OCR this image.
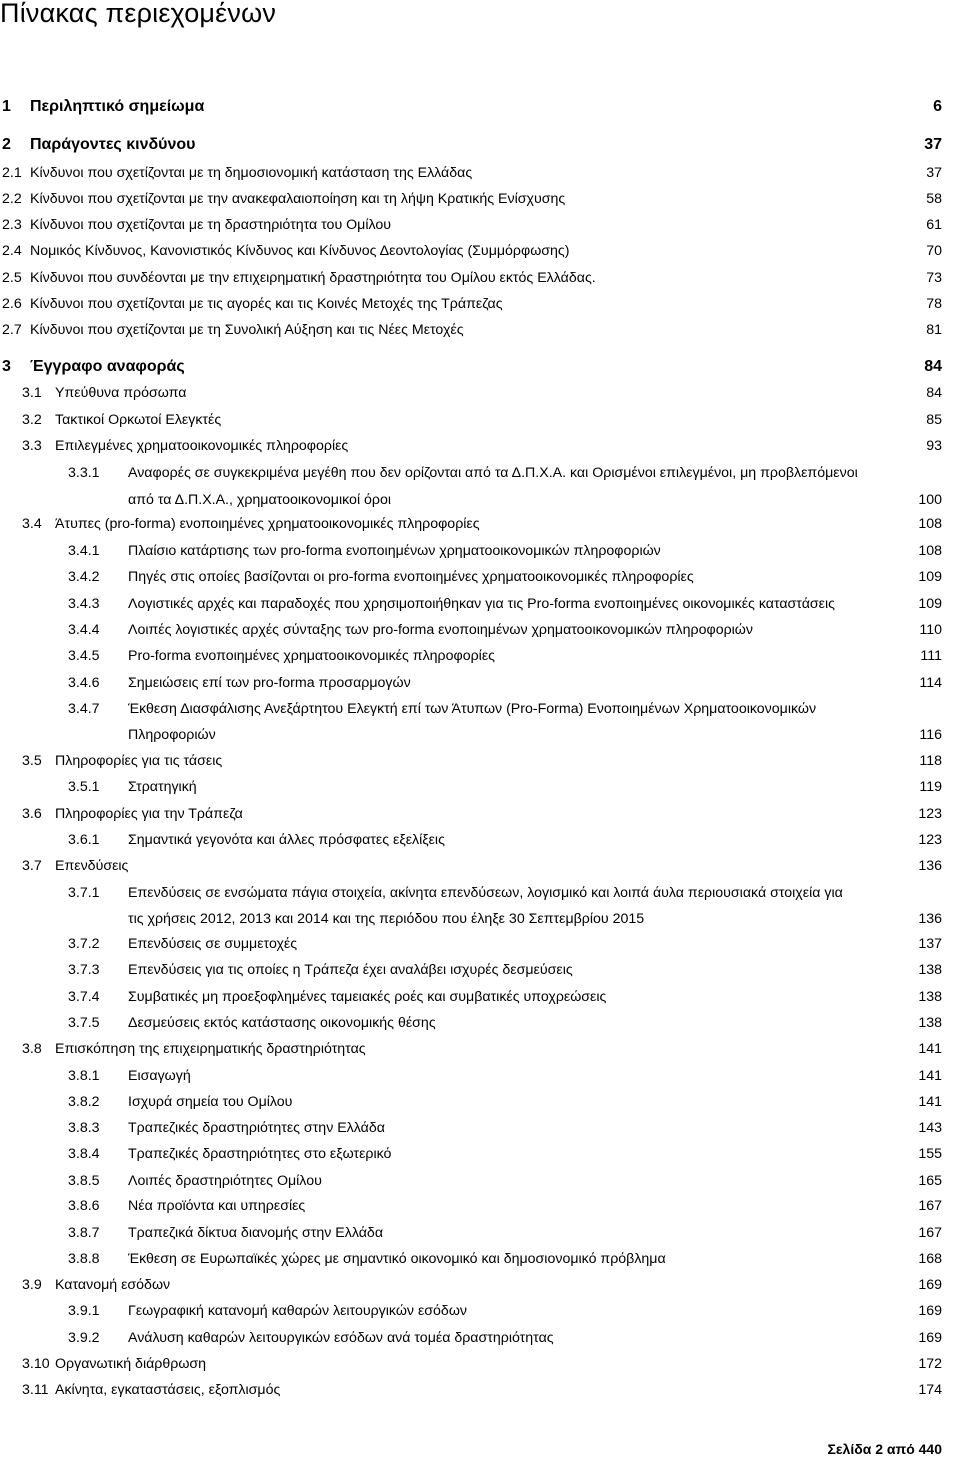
Πίνακας περιεχομένων
1 Περιληπτικό σημείωμα	6
2 Παράγοντες κινδύνου	37
2.1 Κίνδυνοι που σχετίζονται με τη δημοσιονομική κατάσταση της Ελλάδας	37
2.2 Κίνδυνοι που σχετίζονται με την ανακεφαλαιοποίηση και τη λήψη Κρατικής Ενίσχυσης	58
2.3 Κίνδυνοι που σχετίζονται με τη δραστηριότητα του Ομίλου	61
2.4 Νομικός Κίνδυνος, Κανονιστικός Κίνδυνος και Κίνδυνος Δεοντολογίας (Συμμόρφωσης)	70
2.5 Κίνδυνοι που συνδέονται με την επιχειρηματική δραστηριότητα του Ομίλου εκτός Ελλάδας.	73
2.6 Κίνδυνοι που σχετίζονται με τις αγορές και τις Κοινές Μετοχές της Τράπεζας	78
2.7 Κίνδυνοι που σχετίζονται με τη Συνολική Αύξηση και τις Νέες Μετοχές	81
3 Έγγραφο αναφοράς	84
3.1 Υπεύθυνα πρόσωπα	84
3.2 Τακτικοί Ορκωτοί Ελεγκτές	85
3.3 Επιλεγμένες χρηματοοικονομικές πληροφορίες	93
3.3.1 Αναφορές σε συγκεκριμένα μεγέθη που δεν ορίζονται από τα Δ.Π.Χ.Α. και Ορισμένοι επιλεγμένοι, μη προβλεπόμενοι
από τα Δ.Π.Χ.Α., χρηματοοικονομικοί όροι	100
3.4 Άτυπες (pro-forma) ενοποιημένες χρηματοοικονομικές πληροφορίες	108
3.4.1 Πλαίσιο κατάρτισης των pro-forma ενοποιημένων χρηματοοικονομικών πληροφοριών	108
3.4.2 Πηγές στις οποίες βασίζονται οι pro-forma ενοποιημένες χρηματοοικονομικές πληροφορίες	109
3.4.3 Λογιστικές αρχές και παραδοχές που χρησιμοποιήθηκαν για τις Pro-forma ενοποιημένες οικονομικές καταστάσεις	109
3.4.4 Λοιπές λογιστικές αρχές σύνταξης των pro-forma ενοποιημένων χρηματοοικονομικών πληροφοριών	110
3.4.5 Pro-forma ενοποιημένες χρηματοοικονομικές πληροφορίες	111
3.4.6 Σημειώσεις επί των pro-forma προσαρμογών	114
3.4.7 Έκθεση Διασφάλισης Ανεξάρτητου Ελεγκτή επί των Άτυπων (Pro-Forma) Ενοποιημένων Χρηματοοικονομικών
Πληροφοριών	116
3.5 Πληροφορίες για τις τάσεις	118
3.5.1 Στρατηγική	119
3.6 Πληροφορίες για την Τράπεζα	123
3.6.1 Σημαντικά γεγονότα και άλλες πρόσφατες εξελίξεις	123
3.7 Επενδύσεις	136
3.7.1 Επενδύσεις σε ενσώματα πάγια στοιχεία, ακίνητα επενδύσεων, λογισμικό και λοιπά άυλα περιουσιακά στοιχεία για
τις χρήσεις 2012, 2013 και 2014 και της περιόδου που έληξε 30 Σεπτεμβρίου 2015	136
3.7.2 Επενδύσεις σε συμμετοχές	137
3.7.3 Επενδύσεις για τις οποίες η Τράπεζα έχει αναλάβει ισχυρές δεσμεύσεις	138
3.7.4 Συμβατικές μη προεξοφλημένες ταμειακές ροές και συμβατικές υποχρεώσεις	138
3.7.5 Δεσμεύσεις εκτός κατάστασης οικονομικής θέσης	138
3.8 Επισκόπηση της επιχειρηματικής δραστηριότητας	141
3.8.1 Εισαγωγή	141
3.8.2 Ισχυρά σημεία του Ομίλου	141
3.8.3 Τραπεζικές δραστηριότητες στην Ελλάδα	143
3.8.4 Τραπεζικές δραστηριότητες στο εξωτερικό	155
3.8.5 Λοιπές δραστηριότητες Ομίλου	165
3.8.6 Νέα προϊόντα και υπηρεσίες	167
3.8.7 Τραπεζικά δίκτυα διανομής στην Ελλάδα	167
3.8.8 Έκθεση σε Ευρωπαϊκές χώρες με σημαντικό οικονομικό και δημοσιονομικό πρόβλημα	168
3.9 Κατανομή εσόδων	169
3.9.1 Γεωγραφική κατανομή καθαρών λειτουργικών εσόδων	169
3.9.2 Ανάλυση καθαρών λειτουργικών εσόδων ανά τομέα δραστηριότητας	169
3.10 Οργανωτική διάρθρωση	172
3.11 Ακίνητα, εγκαταστάσεις, εξοπλισμός	174
Σελίδα 2 από 440
